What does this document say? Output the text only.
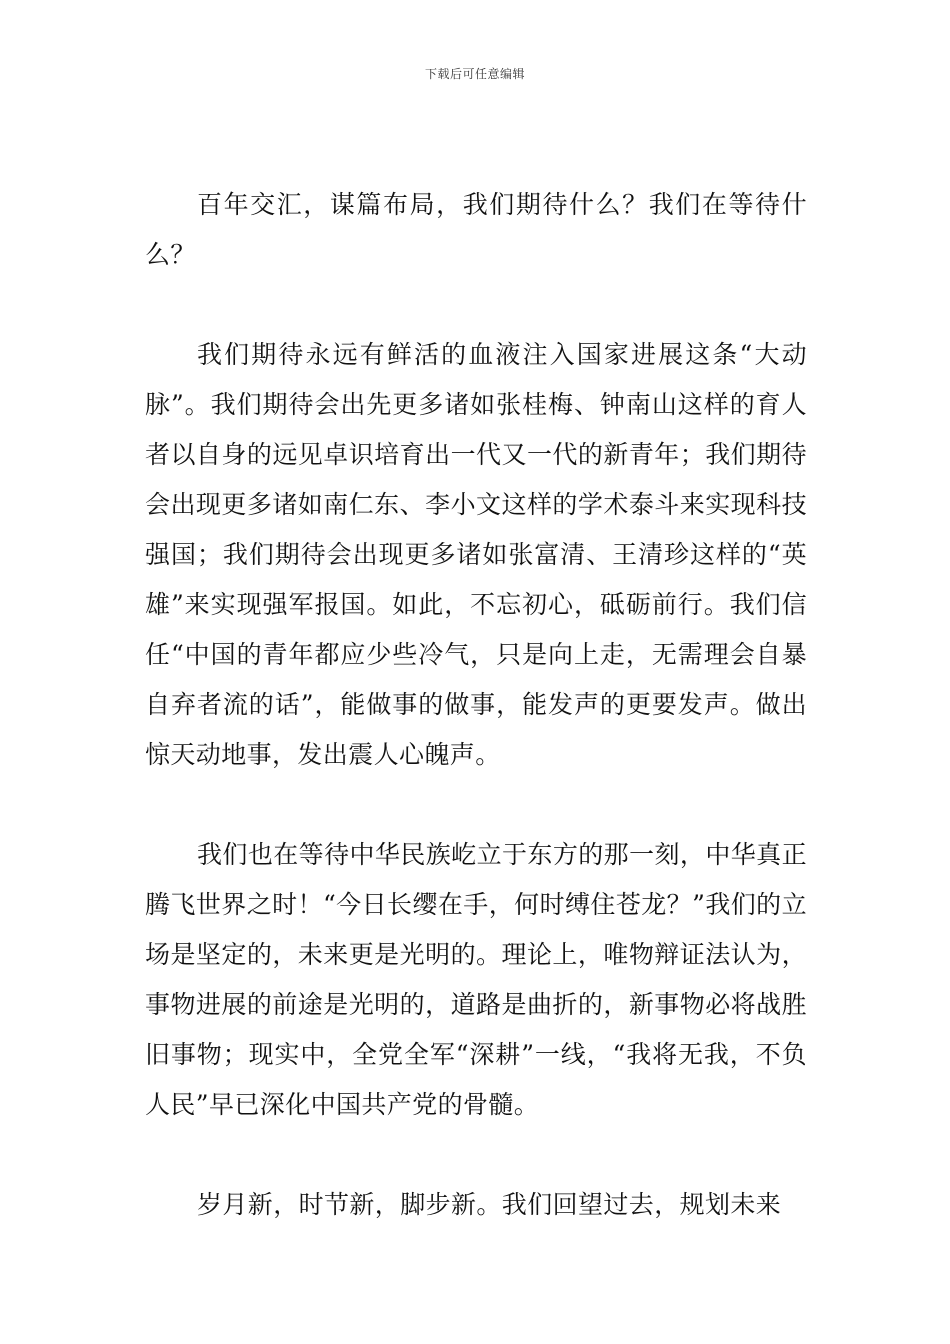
下载后可任意编辑

百年交汇，谋篇布局，我们期待什么？我们在等待什么？

我们期待永远有鲜活的血液注入国家进展这条“大动脉”。我们期待会出先更多诸如张桂梅、钟南山这样的育人者以自身的远见卓识培育出一代又一代的新青年；我们期待会出现更多诸如南仁东、李小文这样的学术泰斗来实现科技强国；我们期待会出现更多诸如张富清、王清珍这样的“英雄”来实现强军报国。如此，不忘初心，砥砺前行。我们信任“中国的青年都应少些冷气，只是向上走，无需理会自暴自弃者流的话”，能做事的做事，能发声的更要发声。做出惊天动地事，发出震人心魄声。

我们也在等待中华民族屹立于东方的那一刻，中华真正腾飞世界之时！“今日长缨在手，何时缚住苍龙？”我们的立场是坚定的，未来更是光明的。理论上，唯物辩证法认为，事物进展的前途是光明的，道路是曲折的，新事物必将战胜旧事物；现实中，全党全军“深耕”一线，“我将无我，不负人民”早已深化中国共产党的骨髓。

岁月新，时节新，脚步新。我们回望过去，规划未来
